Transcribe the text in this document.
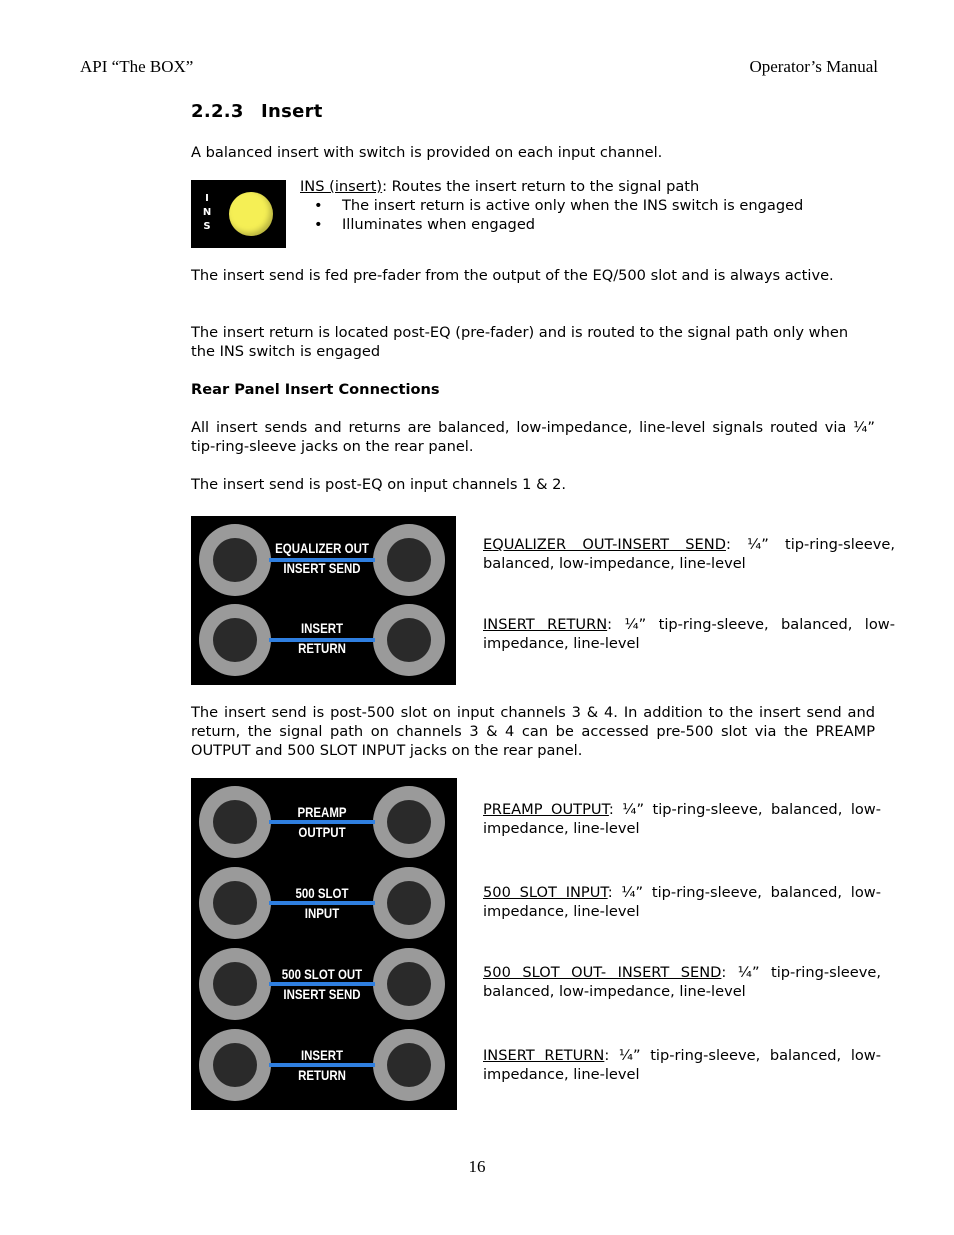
API “The BOX”	Operator’s Manual
2.2.3 Insert
A balanced insert with switch is provided on each input channel.
I
N
S
INS (insert): Routes the insert return to the signal path
• The insert return is active only when the INS switch is engaged
• Illuminates when engaged
The insert send is fed pre-fader from the output of the EQ/500 slot and is always active.
The insert return is located post-EQ (pre-fader) and is routed to the signal path only when the INS switch is engaged
Rear Panel Insert Connections
All insert sends and returns are balanced, low-impedance, line-level signals routed via ¼” tip-ring-sleeve jacks on the rear panel.
The insert send is post-EQ on input channels 1 & 2.
EQUALIZER OUT
INSERT SEND
INSERT
RETURN
EQUALIZER OUT-INSERT SEND: ¼” tip-ring-sleeve, balanced, low-impedance, line-level
INSERT RETURN: ¼” tip-ring-sleeve, balanced, low-impedance, line-level
The insert send is post-500 slot on input channels 3 & 4. In addition to the insert send and return, the signal path on channels 3 & 4 can be accessed pre-500 slot via the PREAMP OUTPUT and 500 SLOT INPUT jacks on the rear panel.
PREAMP
OUTPUT
500 SLOT
INPUT
500 SLOT OUT
INSERT SEND
INSERT
RETURN
PREAMP OUTPUT: ¼” tip-ring-sleeve, balanced, low-impedance, line-level
500 SLOT INPUT: ¼” tip-ring-sleeve, balanced, low-impedance, line-level
500 SLOT OUT- INSERT SEND: ¼” tip-ring-sleeve, balanced, low-impedance, line-level
INSERT RETURN: ¼” tip-ring-sleeve, balanced, low-impedance, line-level
16
